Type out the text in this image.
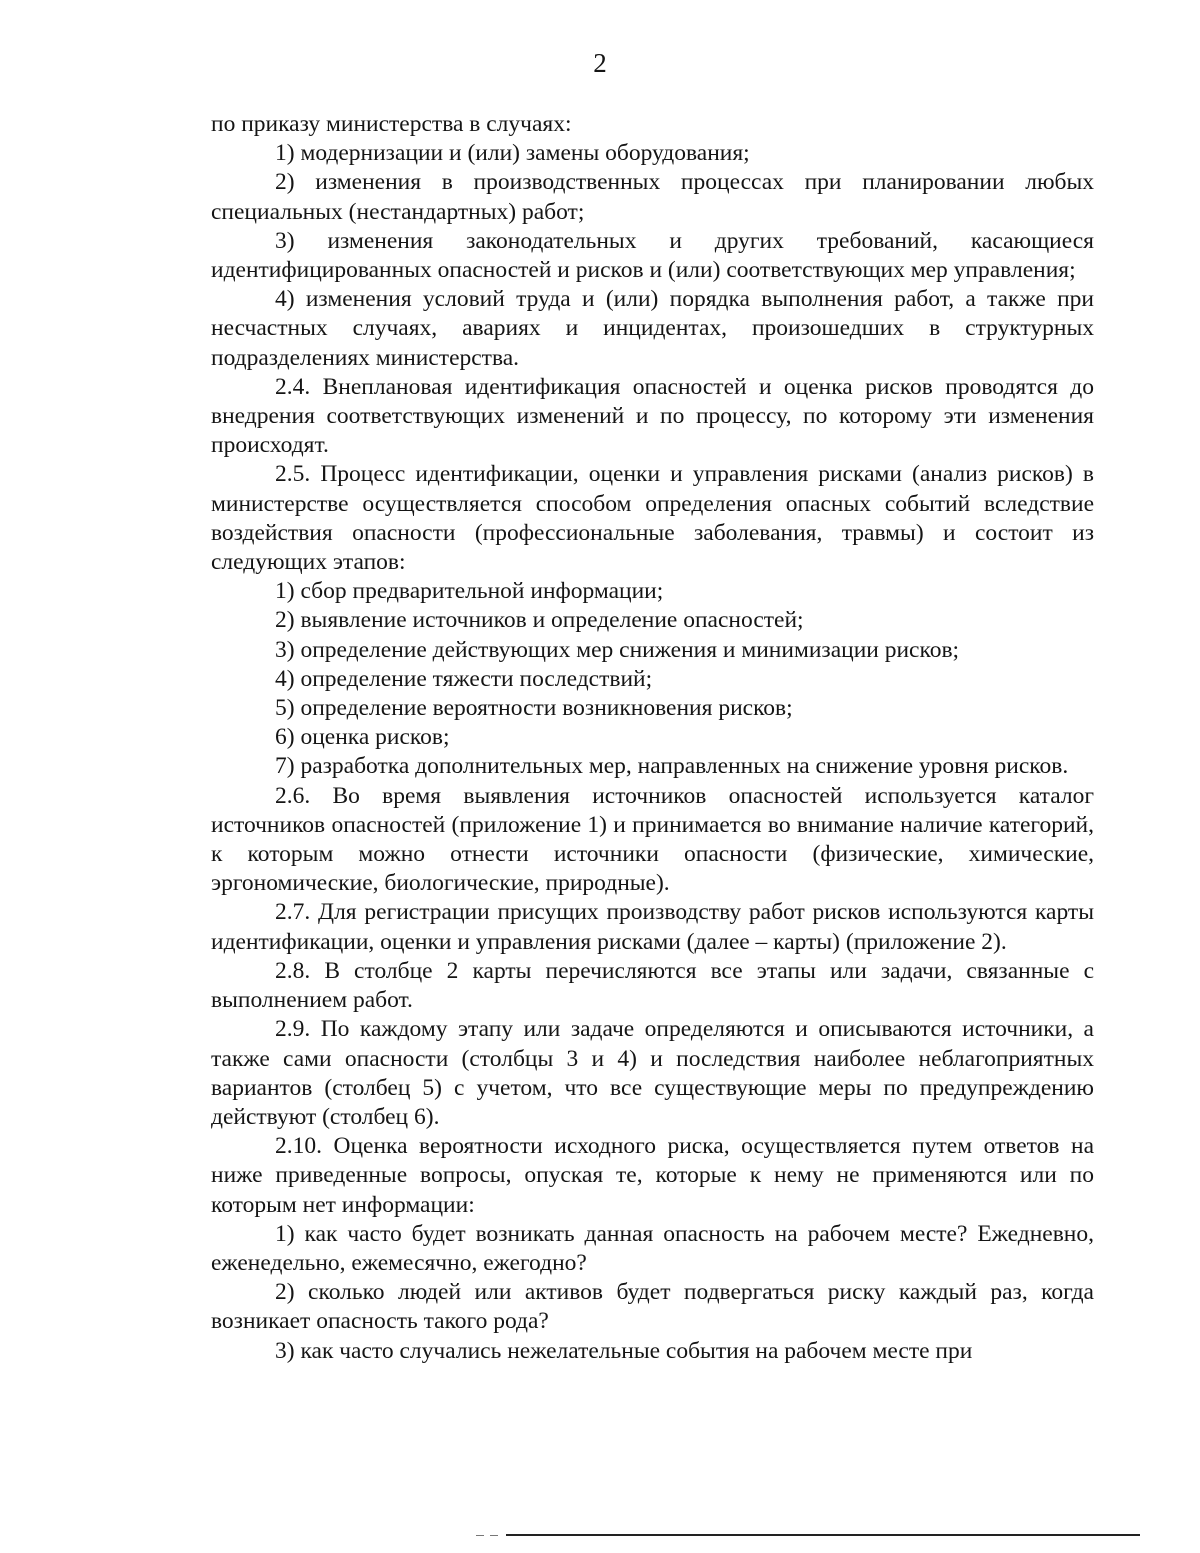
2

по приказу министерства в случаях:

1) модернизации и (или) замены оборудования;

2) изменения в производственных процессах при планировании любых специальных (нестандартных) работ;

3) изменения законодательных и других требований, касающиеся идентифицированных опасностей и рисков и (или) соответствующих мер управления;

4) изменения условий труда и (или) порядка выполнения работ, а также при несчастных случаях, авариях и инцидентах, произошедших в структурных подразделениях министерства.

2.4. Внеплановая идентификация опасностей и оценка рисков проводятся до внедрения соответствующих изменений и по процессу, по которому эти изменения происходят.

2.5. Процесс идентификации, оценки и управления рисками (анализ рисков) в министерстве осуществляется способом определения опасных событий вследствие воздействия опасности (профессиональные заболевания, травмы) и состоит из следующих этапов:

1) сбор предварительной информации;

2) выявление источников и определение опасностей;

3) определение действующих мер снижения и минимизации рисков;

4) определение тяжести последствий;

5) определение вероятности возникновения рисков;

6) оценка рисков;

7) разработка дополнительных мер, направленных на снижение уровня рисков.

2.6. Во время выявления источников опасностей используется каталог источников опасностей (приложение 1) и принимается во внимание наличие категорий, к которым можно отнести источники опасности (физические, химические, эргономические, биологические, природные).

2.7. Для регистрации присущих производству работ рисков используются карты идентификации, оценки и управления рисками (далее – карты) (приложение 2).

2.8. В столбце 2 карты перечисляются все этапы или задачи, связанные с выполнением работ.

2.9. По каждому этапу или задаче определяются и описываются источники, а также сами опасности (столбцы 3 и 4) и последствия наиболее неблагоприятных вариантов (столбец 5) с учетом, что все существующие меры по предупреждению действуют (столбец 6).

2.10. Оценка вероятности исходного риска, осуществляется путем ответов на ниже приведенные вопросы, опуская те, которые к нему не применяются или по которым нет информации:

1) как часто будет возникать данная опасность на рабочем месте? Ежедневно, еженедельно, ежемесячно, ежегодно?

2) сколько людей или активов будет подвергаться риску каждый раз, когда возникает опасность такого рода?

3) как часто случались нежелательные события на рабочем месте при
